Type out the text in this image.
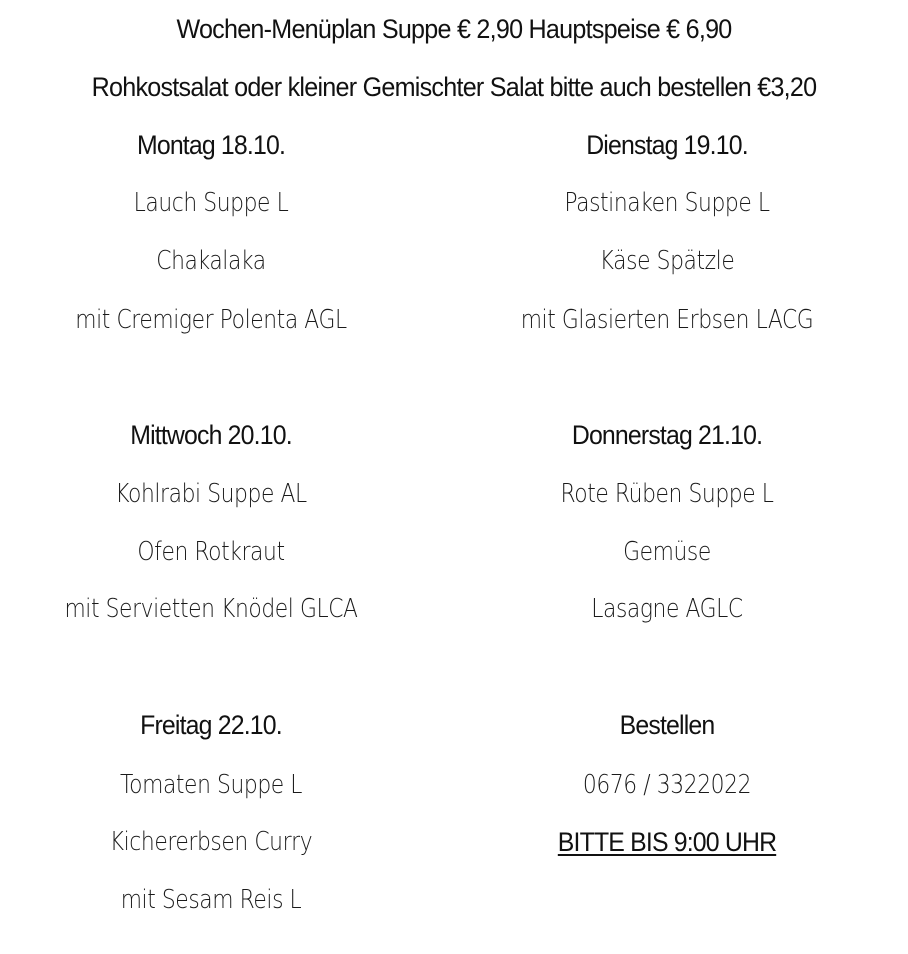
Wochen-Menüplan Suppe € 2,90 Hauptspeise € 6,90
Rohkostsalat oder kleiner Gemischter Salat bitte auch bestellen €3,20
Montag 18.10.
Lauch Suppe L
Chakalaka
mit Cremiger Polenta AGL
Dienstag 19.10.
Pastinaken Suppe L
Käse Spätzle
mit Glasierten Erbsen LACG
Mittwoch 20.10.
Kohlrabi Suppe AL
Ofen Rotkraut
mit Servietten Knödel GLCA
Donnerstag 21.10.
Rote Rüben Suppe L
Gemüse
Lasagne AGLC
Freitag 22.10.
Tomaten Suppe L
Kichererbsen Curry
mit Sesam Reis L
Bestellen
0676 / 3322022
BITTE BIS 9:00 UHR
